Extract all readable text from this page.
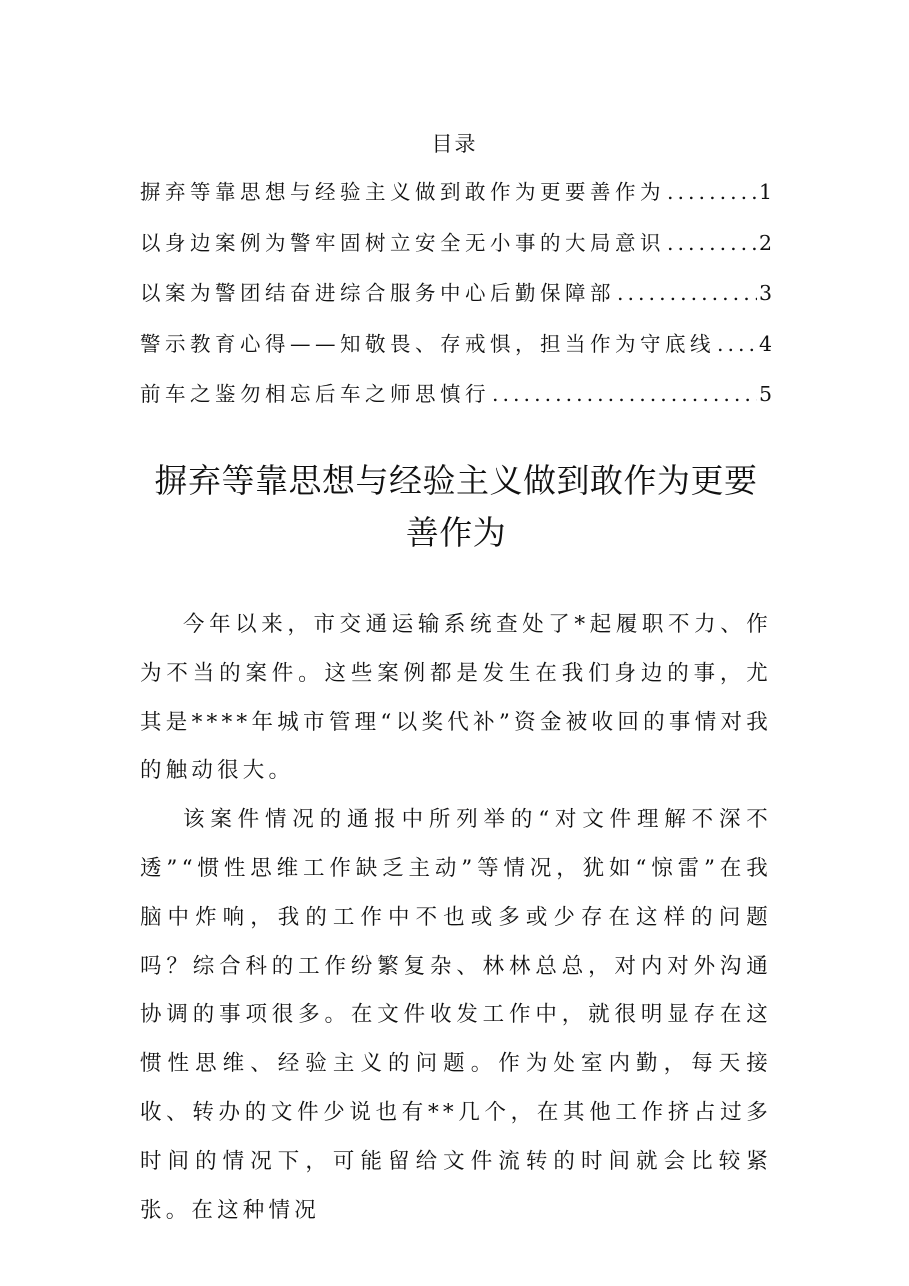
目录
摒弃等靠思想与经验主义做到敢作为更要善作为 .....	1
以身边案例为警牢固树立安全无小事的大局意识 .....	2
以案为警团结奋进综合服务中心后勤保障部 .....	3
警示教育心得——知敬畏、存戒惧，担当作为守底线 ..... 4
前车之鉴勿相忘后车之师思慎行 .....	5
摒弃等靠思想与经验主义做到敢作为更要善作为

今年以来，市交通运输系统查处了*起履职不力、作为不当的案件。这些案例都是发生在我们身边的事，尤其是****年城市管理“以奖代补”资金被收回的事情对我的触动很大。

该案件情况的通报中所列举的“对文件理解不深不透”“惯性思维工作缺乏主动”等情况，犹如“惊雷”在我脑中炸响，我的工作中不也或多或少存在这样的问题吗？综合科的工作纷繁复杂、林林总总，对内对外沟通协调的事项很多。在文件收发工作中，就很明显存在这惯性思维、经验主义的问题。作为处室内勤，每天接收、转办的文件少说也有**几个，在其他工作挤占过多时间的情况下，可能留给文件流转的时间就会比较紧张。在这种情况
